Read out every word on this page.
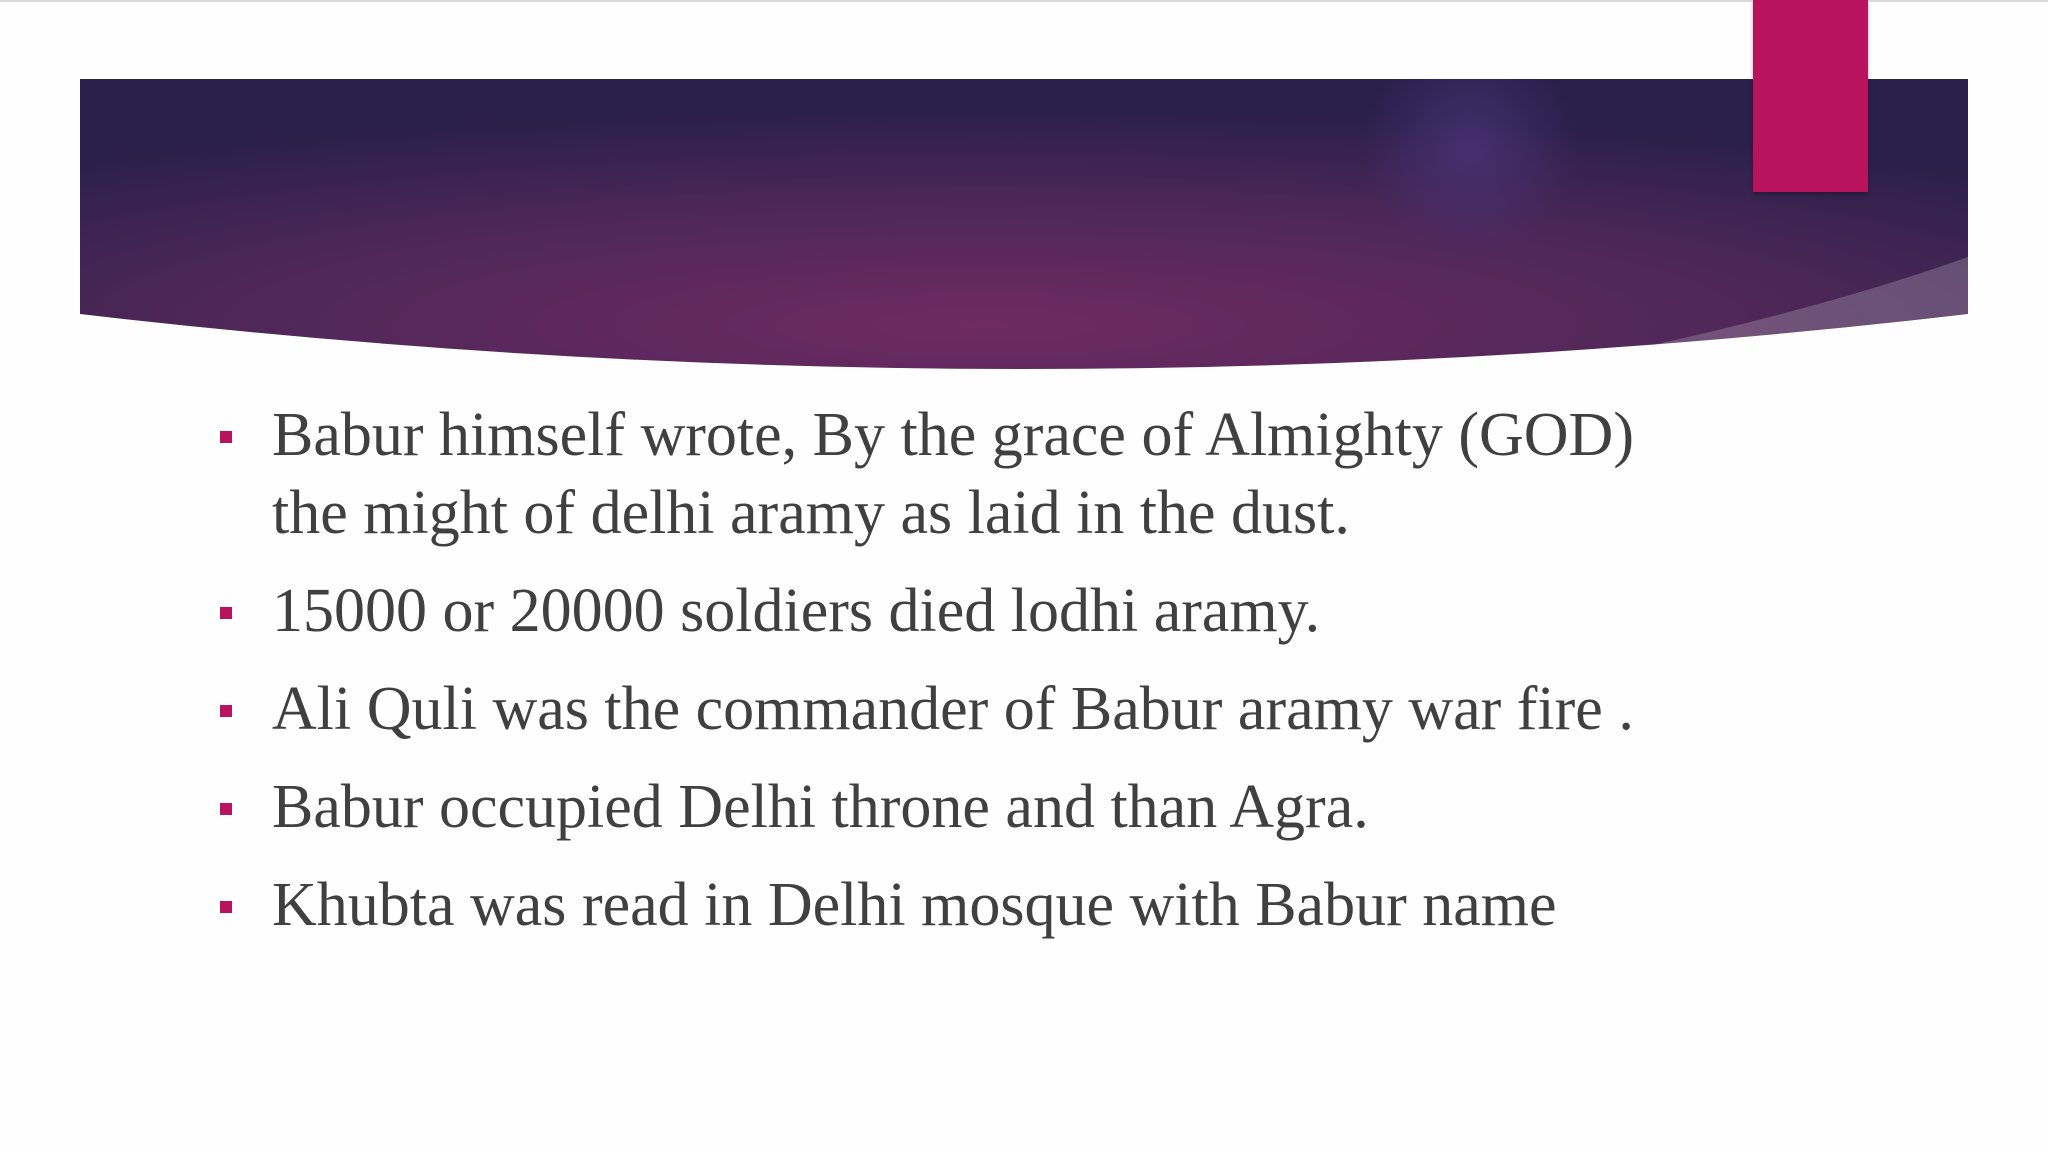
Babur himself wrote, By the grace of Almighty (GOD) the might of delhi aramy as laid in the dust.
15000 or 20000 soldiers died lodhi aramy.
Ali Quli was the commander of Babur aramy war fire .
Babur occupied Delhi throne and than Agra.
Khubta was read in Delhi mosque with Babur name
